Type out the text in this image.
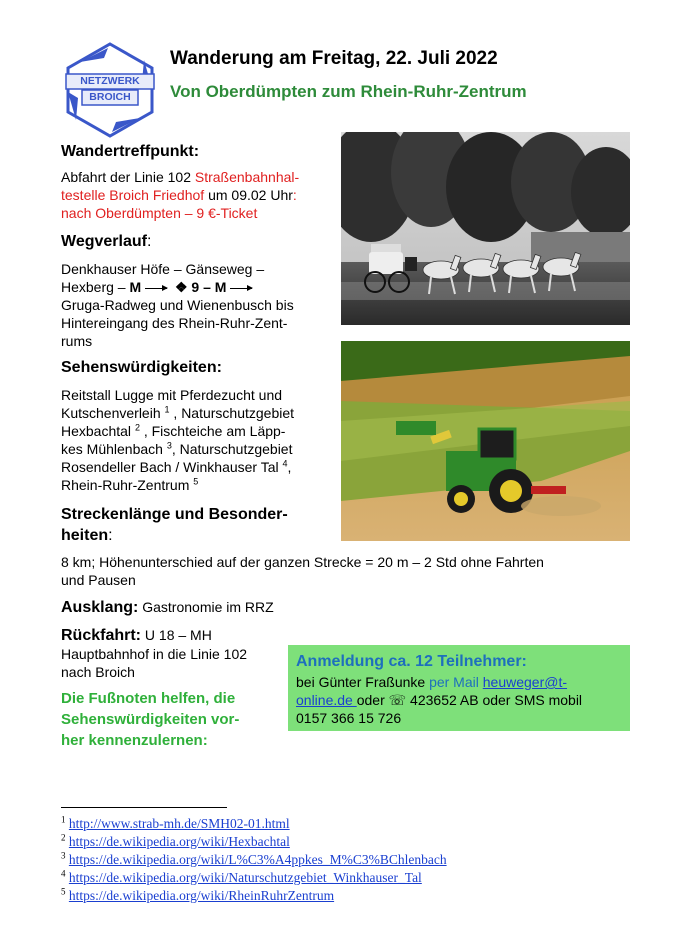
NETZWERK
BROICH
Wanderung am Freitag, 22. Juli 2022
Von Oberdümpten zum Rhein-Ruhr-Zentrum
Wandertreffpunkt:
Abfahrt der Linie 102 Straßenbahnhal-
testelle Broich Friedhof um 09.02 Uhr:
nach Oberdümpten – 9 €-Ticket
Wegverlauf:
Denkhauser Höfe – Gänseweg –
Hexberg – M ❖ 9 – M
Gruga-Radweg und Wienenbusch bis
Hintereingang des Rhein-Ruhr-Zent-
rums
Sehenswürdigkeiten:
Reitstall Lugge mit Pferdezucht und
Kutschenverleih $^1$ , Naturschutzgebiet
Hexbachtal $^2$ , Fischteiche am Läpp-
kes Mühlenbach $^3$, Naturschutzgebiet
Rosendeller Bach / Winkhauser Tal $^4$,
Rhein-Ruhr-Zentrum $^5$
Streckenlänge und Besonder-
heiten:
8 km; Höhenunterschied auf der ganzen Strecke = 20 m – 2 Std ohne Fahrten
und Pausen
Ausklang: Gastronomie im RRZ
Rückfahrt: U 18 – MH
Hauptbahnhof in die Linie 102
nach Broich
Die Fußnoten helfen, die
Sehenswürdigkeiten vor-
her kennenzulernen:
Anmeldung ca. 12 Teilnehmer:
bei Günter Fraßunke per Mail heuweger@t-
online.de oder ☏ 423652 AB oder SMS mobil
0157 366 15 726
$^1$ http://www.strab-mh.de/SMH02-01.html
$^2$ https://de.wikipedia.org/wiki/Hexbachtal
$^3$ https://de.wikipedia.org/wiki/L%C3%A4ppkes_M%C3%BChlenbach
$^4$ https://de.wikipedia.org/wiki/Naturschutzgebiet_Winkhauser_Tal
$^5$ https://de.wikipedia.org/wiki/RheinRuhrZentrum
